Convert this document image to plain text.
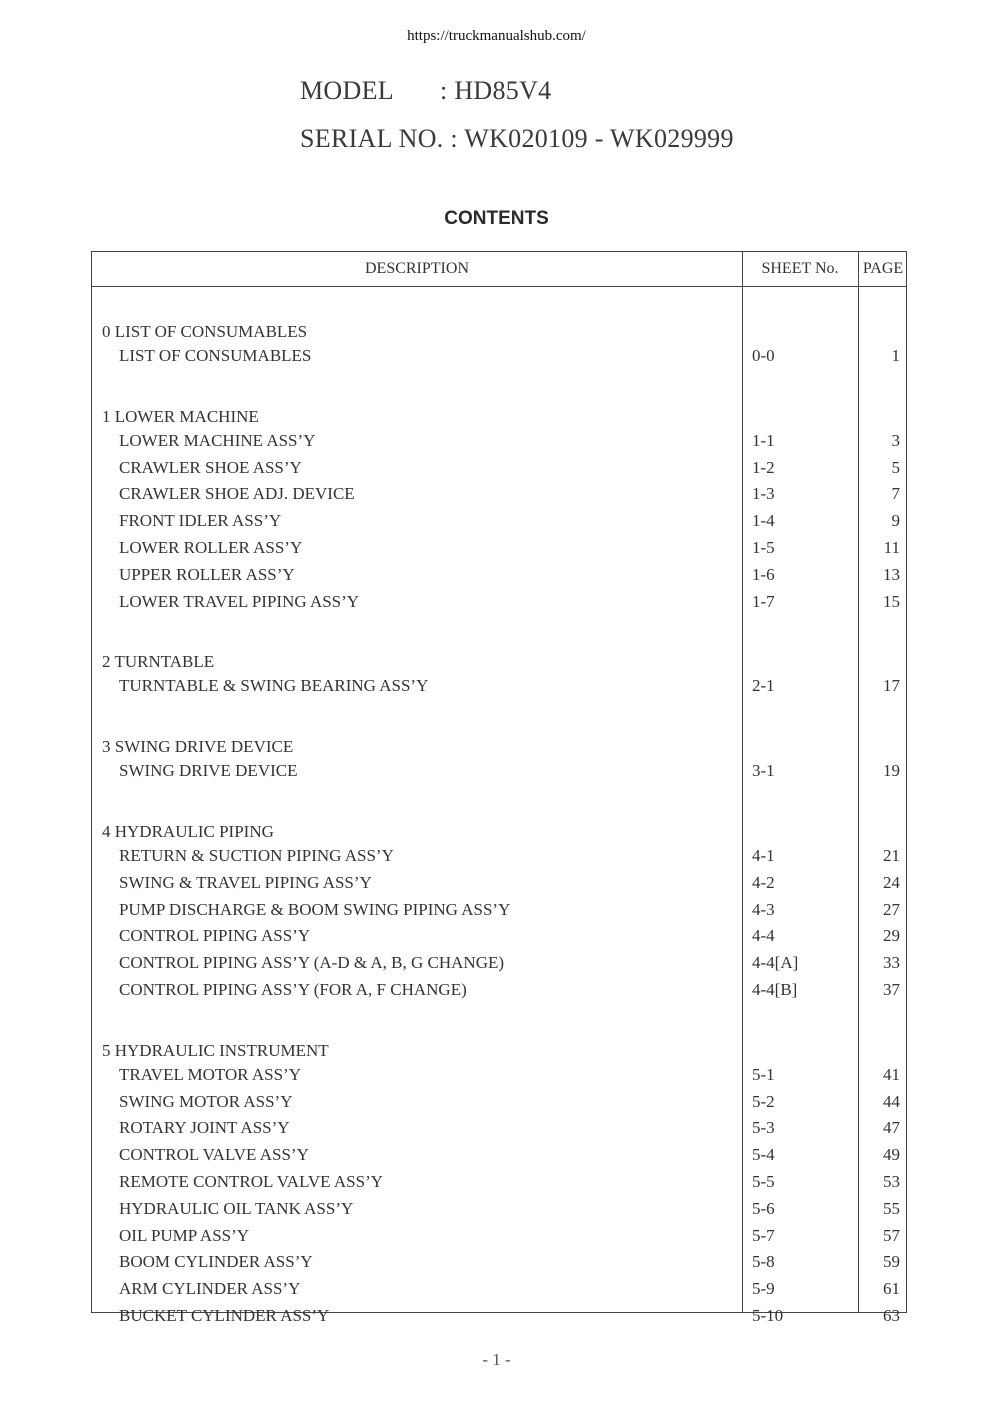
https://truckmanualshub.com/
MODEL : HD85V4
SERIAL NO. : WK020109 - WK029999
CONTENTS
DESCRIPTION	SHEET No.	PAGE
0 LIST OF CONSUMABLES
LIST OF CONSUMABLES	0-0	1
1 LOWER MACHINE
LOWER MACHINE ASS’Y	1-1	3
CRAWLER SHOE ASS’Y	1-2	5
CRAWLER SHOE ADJ. DEVICE	1-3	7
FRONT IDLER ASS’Y	1-4	9
LOWER ROLLER ASS’Y	1-5	11
UPPER ROLLER ASS’Y	1-6	13
LOWER TRAVEL PIPING ASS’Y	1-7	15
2 TURNTABLE
TURNTABLE & SWING BEARING ASS’Y	2-1	17
3 SWING DRIVE DEVICE
SWING DRIVE DEVICE	3-1	19
4 HYDRAULIC PIPING
RETURN & SUCTION PIPING ASS’Y	4-1	21
SWING & TRAVEL PIPING ASS’Y	4-2	24
PUMP DISCHARGE & BOOM SWING PIPING ASS’Y	4-3	27
CONTROL PIPING ASS’Y	4-4	29
CONTROL PIPING ASS’Y (A-D & A, B, G CHANGE)	4-4[A]	33
CONTROL PIPING ASS’Y (FOR A, F CHANGE)	4-4[B]	37
5 HYDRAULIC INSTRUMENT
TRAVEL MOTOR ASS’Y	5-1	41
SWING MOTOR ASS’Y	5-2	44
ROTARY JOINT ASS’Y	5-3	47
CONTROL VALVE ASS’Y	5-4	49
REMOTE CONTROL VALVE ASS’Y	5-5	53
HYDRAULIC OIL TANK ASS’Y	5-6	55
OIL PUMP ASS’Y	5-7	57
BOOM CYLINDER ASS’Y	5-8	59
ARM CYLINDER ASS’Y	5-9	61
BUCKET CYLINDER ASS’Y	5-10	63
- 1 -
